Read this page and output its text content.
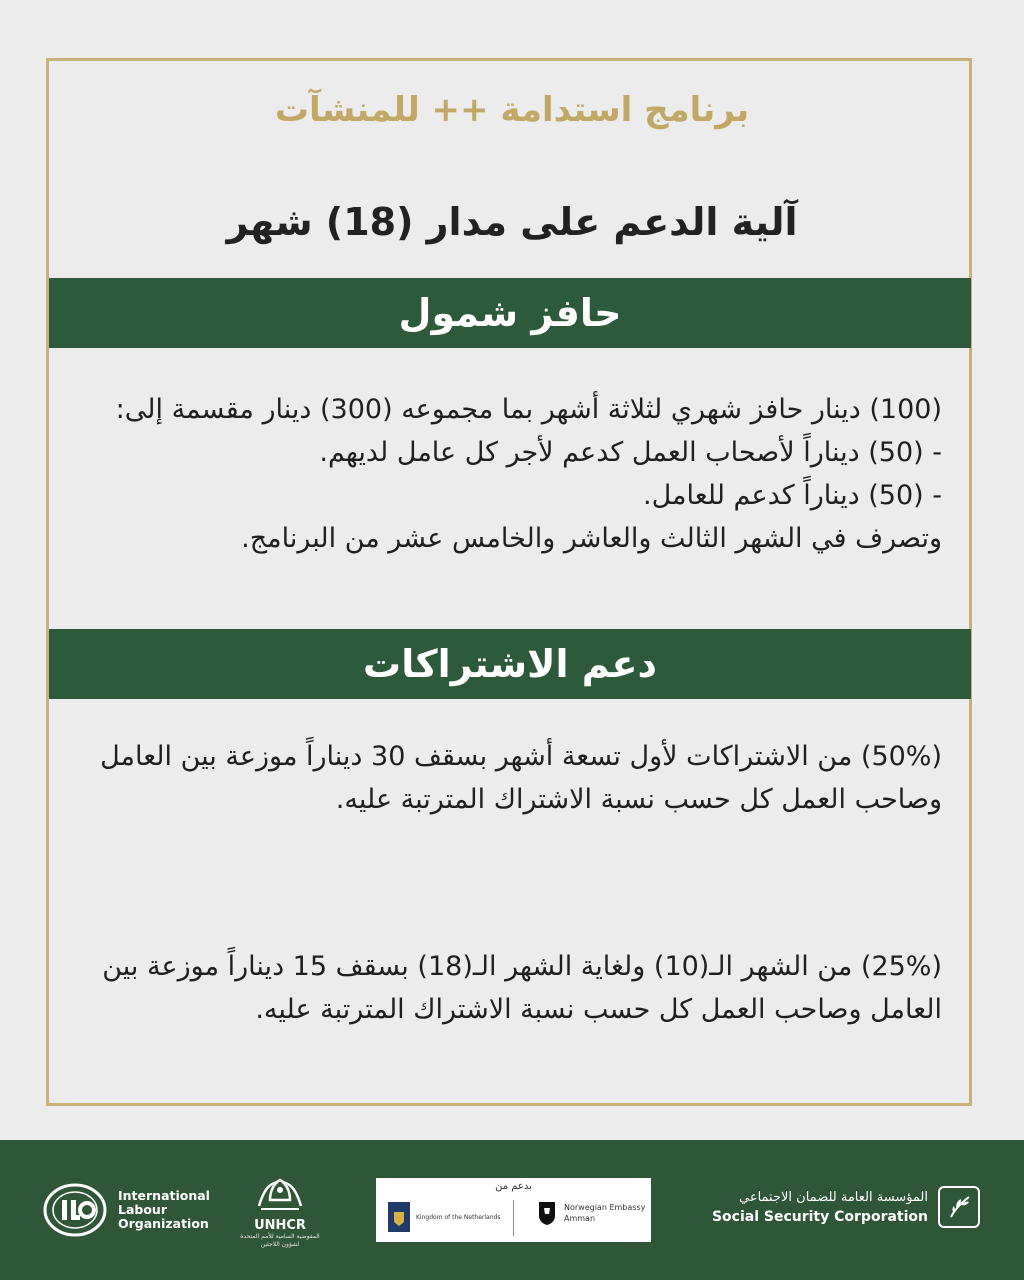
برنامج استدامة ++ للمنشآت
آلية الدعم على مدار (18) شهر
حافز شمول

(100) دينار حافز شهري لثلاثة أشهر بما مجموعه (300) دينار مقسمة إلى:

- (50) ديناراً لأصحاب العمل كدعم لأجر كل عامل لديهم.

- (50) ديناراً كدعم للعامل.

وتصرف في الشهر الثالث والعاشر والخامس عشر من البرنامج.

دعم الاشتراكات
(50%) من الاشتراكات لأول تسعة أشهر بسقف 30 ديناراً موزعة بين العامل وصاحب العمل كل حسب نسبة الاشتراك المترتبة عليه.
(25%) من الشهر الـ(10) ولغاية الشهر الـ(18) بسقف 15 ديناراً موزعة بين العامل وصاحب العمل كل حسب نسبة الاشتراك المترتبة عليه.
International
Labour
Organization	UNHCR
المفوضية السامية للأمم المتحدة لشؤون اللاجئين
بدعم من
Kingdom of the Netherlands
Norwegian Embassy
Amman
المؤسسة العامة للضمان الاجتماعي
Social Security Corporation
